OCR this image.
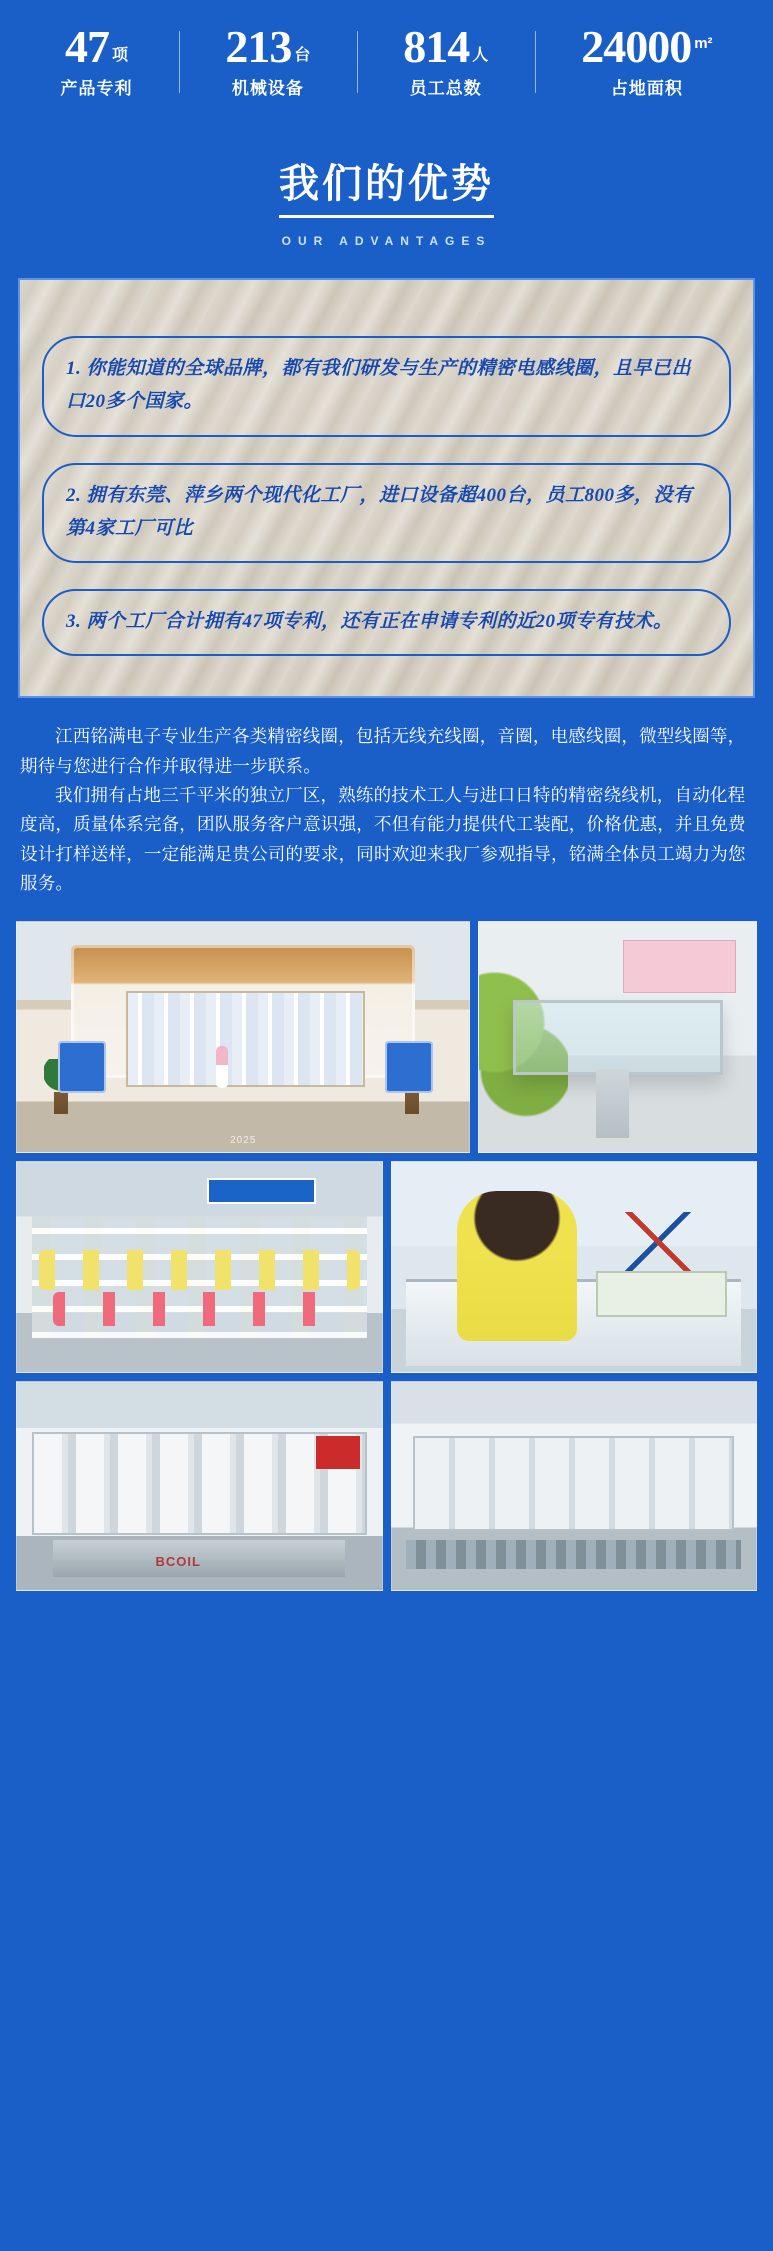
47 项
产品专利
213 台
机械设备
814 人
员工总数
24000 m²
占地面积
我们的优势
OUR ADVANTAGES
1. 你能知道的全球品牌，都有我们研发与生产的精密电感线圈，且早已出口20多个国家。
2. 拥有东莞、萍乡两个现代化工厂，进口设备超400台，员工800多，没有第4家工厂可比
3. 两个工厂合计拥有47项专利，还有正在申请专利的近20项专有技术。

江西铭满电子专业生产各类精密线圈，包括无线充线圈，音圈，电感线圈，微型线圈等，期待与您进行合作并取得进一步联系。

我们拥有占地三千平米的独立厂区，熟练的技术工人与进口日特的精密绕线机，自动化程度高，质量体系完备，团队服务客户意识强，不但有能力提供代工装配，价格优惠，并且免费设计打样送样，一定能满足贵公司的要求，同时欢迎来我厂参观指导，铭满全体员工竭力为您服务。

2025
BCOIL
